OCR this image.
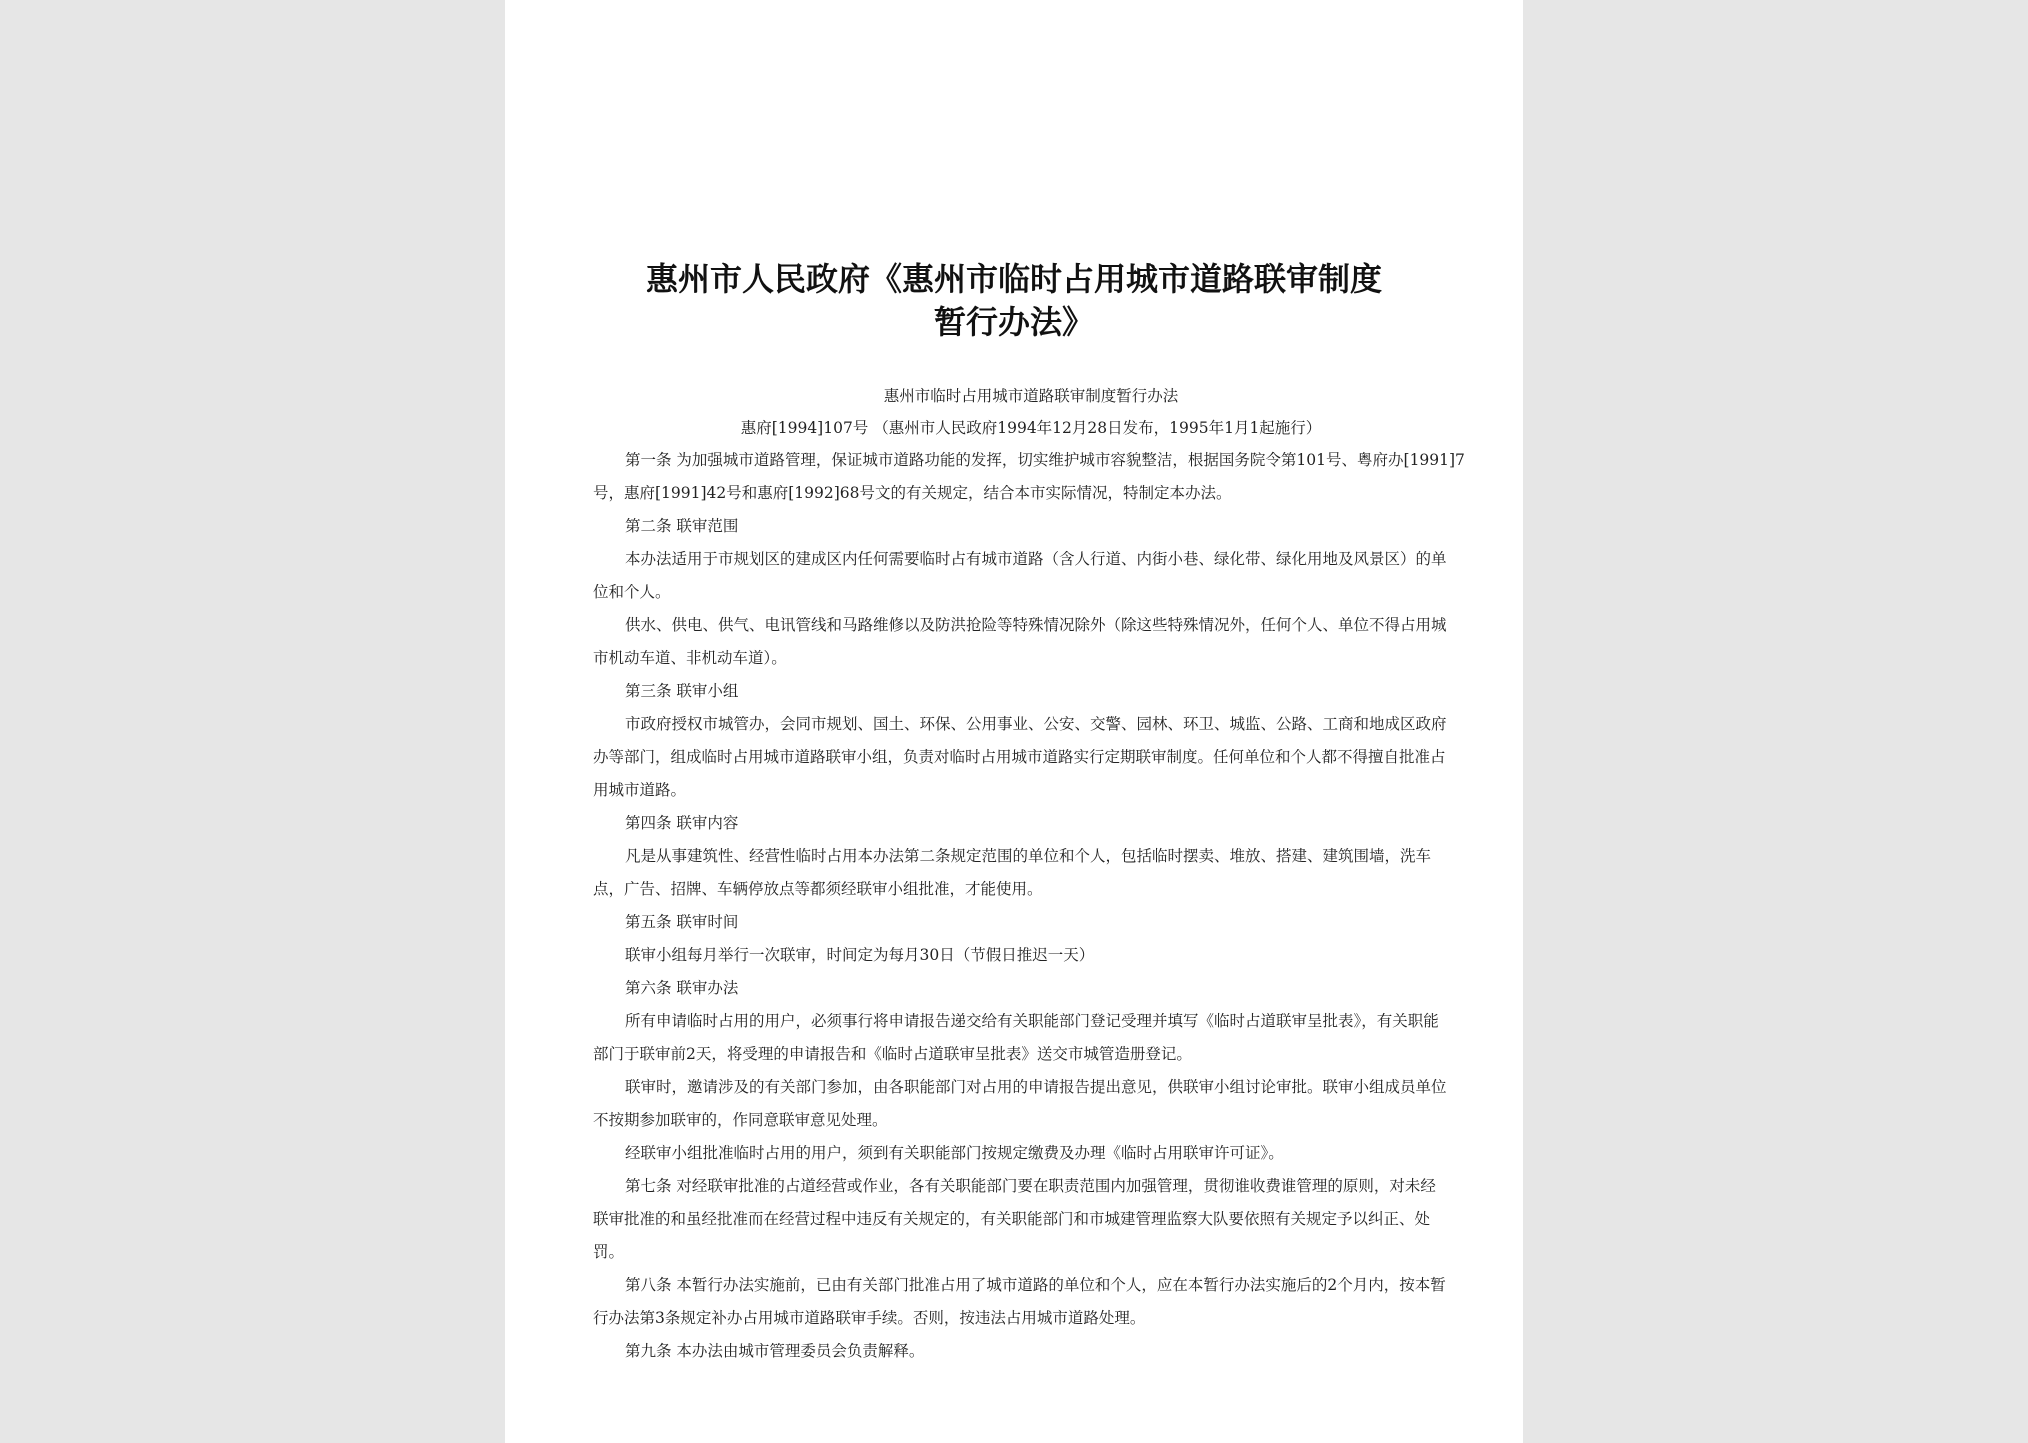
惠州市人民政府《惠州市临时占用城市道路联审制度
暂行办法》
惠州市临时占用城市道路联审制度暂行办法
惠府[1994]107号 （惠州市人民政府1994年12月28日发布，1995年1月1起施行）
第一条 为加强城市道路管理，保证城市道路功能的发挥，切实维护城市容貌整洁，根据国务院令第101号、粤府办[1991]7
号，惠府[1991]42号和惠府[1992]68号文的有关规定，结合本市实际情况，特制定本办法。
第二条 联审范围
本办法适用于市规划区的建成区内任何需要临时占有城市道路（含人行道、内街小巷、绿化带、绿化用地及风景区）的单
位和个人。
供水、供电、供气、电讯管线和马路维修以及防洪抢险等特殊情况除外（除这些特殊情况外，任何个人、单位不得占用城
市机动车道、非机动车道）。
第三条 联审小组
市政府授权市城管办，会同市规划、国土、环保、公用事业、公安、交警、园林、环卫、城监、公路、工商和地成区政府
办等部门，组成临时占用城市道路联审小组，负责对临时占用城市道路实行定期联审制度。任何单位和个人都不得擅自批准占
用城市道路。
第四条 联审内容
凡是从事建筑性、经营性临时占用本办法第二条规定范围的单位和个人，包括临时摆卖、堆放、搭建、建筑围墙，洗车
点，广告、招牌、车辆停放点等都须经联审小组批准，才能使用。
第五条 联审时间
联审小组每月举行一次联审，时间定为每月30日（节假日推迟一天）
第六条 联审办法
所有申请临时占用的用户，必须事行将申请报告递交给有关职能部门登记受理并填写《临时占道联审呈批表》，有关职能
部门于联审前2天，将受理的申请报告和《临时占道联审呈批表》送交市城管造册登记。
联审时，邀请涉及的有关部门参加，由各职能部门对占用的申请报告提出意见，供联审小组讨论审批。联审小组成员单位
不按期参加联审的，作同意联审意见处理。
经联审小组批准临时占用的用户，须到有关职能部门按规定缴费及办理《临时占用联审许可证》。
第七条 对经联审批准的占道经营或作业，各有关职能部门要在职责范围内加强管理，贯彻谁收费谁管理的原则，对未经
联审批准的和虽经批准而在经营过程中违反有关规定的，有关职能部门和市城建管理监察大队要依照有关规定予以纠正、处
罚。
第八条 本暂行办法实施前，已由有关部门批准占用了城市道路的单位和个人，应在本暂行办法实施后的2个月内，按本暂
行办法第3条规定补办占用城市道路联审手续。否则，按违法占用城市道路处理。
第九条 本办法由城市管理委员会负责解释。
